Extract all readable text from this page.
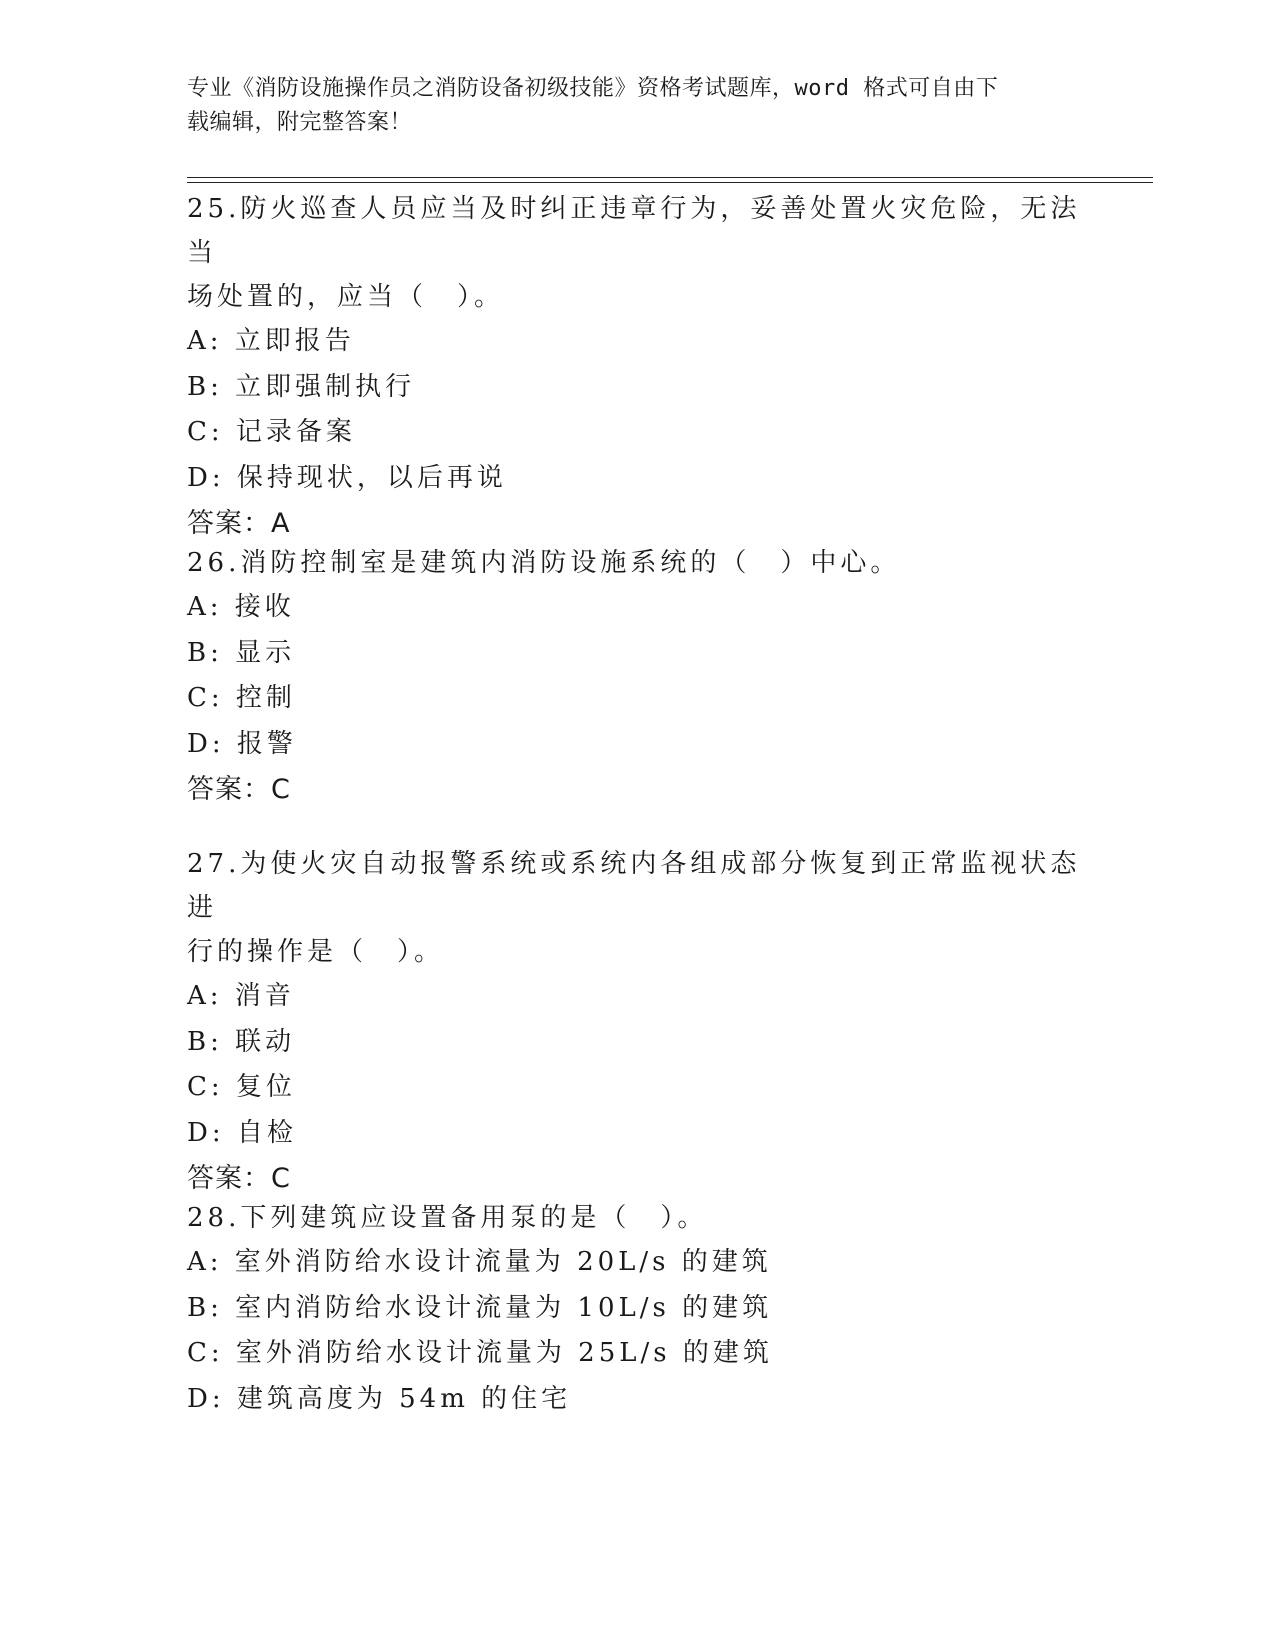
专业《消防设施操作员之消防设备初级技能》资格考试题库，word 格式可自由下
载编辑，附完整答案！
25.防火巡查人员应当及时纠正违章行为，妥善处置火灾危险，无法当
场处置的，应当（　）。
A: 立即报告
B: 立即强制执行
C: 记录备案
D: 保持现状，以后再说
答案：A
26.消防控制室是建筑内消防设施系统的（　）中心。
A: 接收
B: 显示
C: 控制
D: 报警
答案：C
27.为使火灾自动报警系统或系统内各组成部分恢复到正常监视状态进
行的操作是（　）。
A: 消音
B: 联动
C: 复位
D: 自检
答案：C
28.下列建筑应设置备用泵的是（　）。
A: 室外消防给水设计流量为 20L/s 的建筑
B: 室内消防给水设计流量为 10L/s 的建筑
C: 室外消防给水设计流量为 25L/s 的建筑
D: 建筑高度为 54m 的住宅
